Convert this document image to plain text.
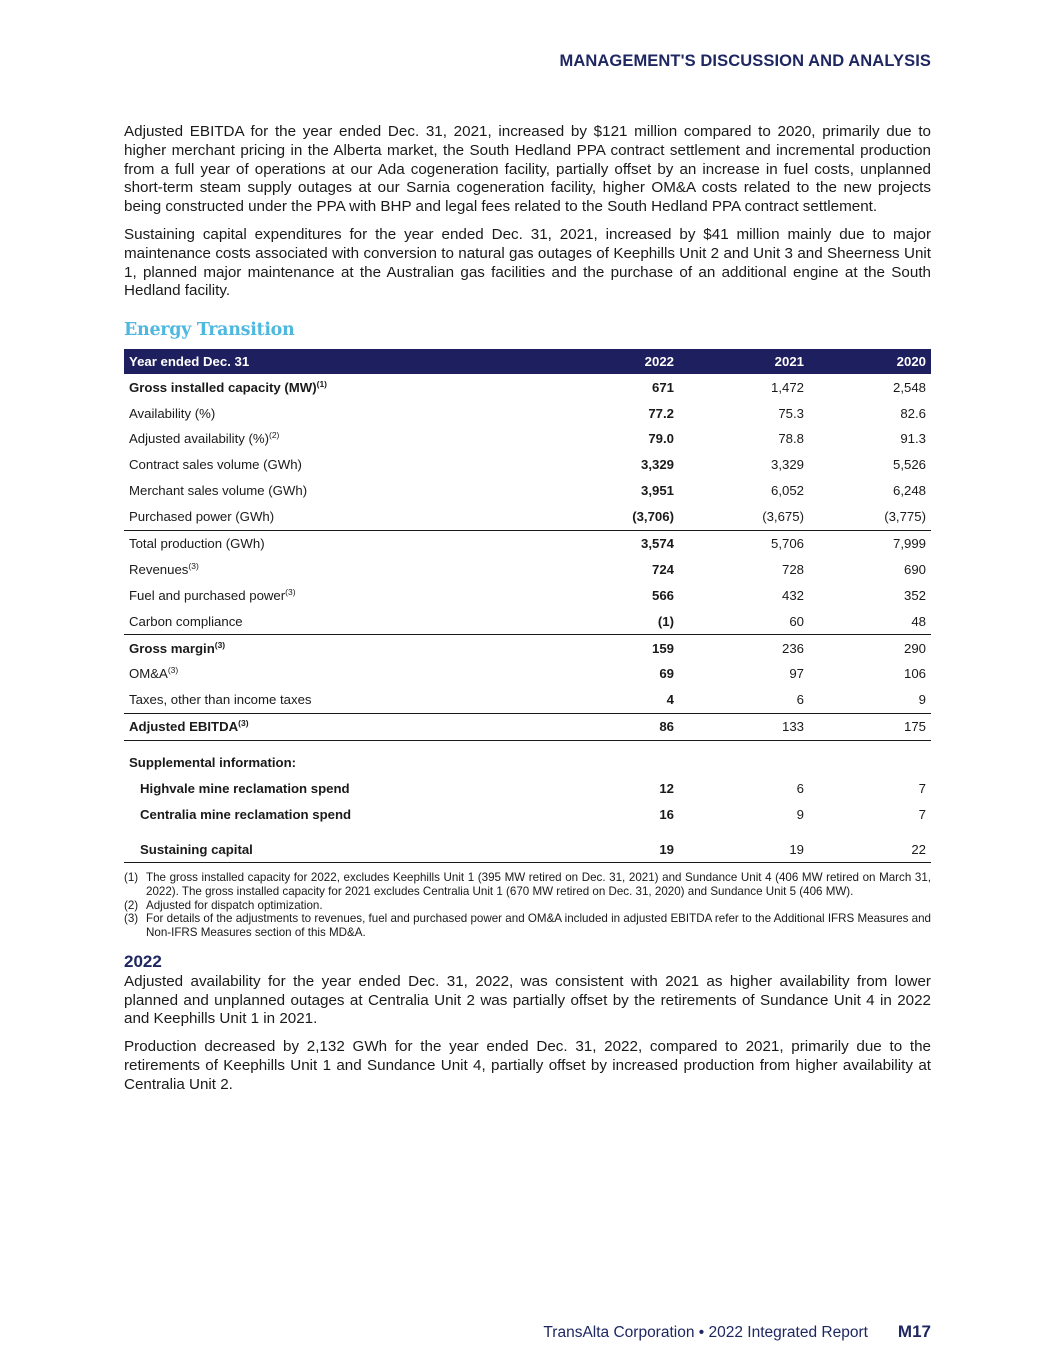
MANAGEMENT'S DISCUSSION AND ANALYSIS

Adjusted EBITDA for the year ended Dec. 31, 2021, increased by $121 million compared to 2020, primarily due to higher merchant pricing in the Alberta market, the South Hedland PPA contract settlement and incremental production from a full year of operations at our Ada cogeneration facility, partially offset by an increase in fuel costs, unplanned short-term steam supply outages at our Sarnia cogeneration facility, higher OM&A costs related to the new projects being constructed under the PPA with BHP and legal fees related to the South Hedland PPA contract settlement.

Sustaining capital expenditures for the year ended Dec. 31, 2021, increased by $41 million mainly due to major maintenance costs associated with conversion to natural gas outages of Keephills Unit 2 and Unit 3 and Sheerness Unit 1, planned major maintenance at the Australian gas facilities and the purchase of an additional engine at the South Hedland facility.

Energy Transition
Year ended Dec. 31	2022	2021	2020
Gross installed capacity (MW)$^{(1)}$	671	1,472	2,548
Availability (%)	77.2	75.3	82.6
Adjusted availability (%)$^{(2)}$	79.0	78.8	91.3
Contract sales volume (GWh)	3,329	3,329	5,526
Merchant sales volume (GWh)	3,951	6,052	6,248
Purchased power (GWh)	(3,706)	(3,675)	(3,775)
Total production (GWh)	3,574	5,706	7,999
Revenues$^{(3)}$	724	728	690
Fuel and purchased power$^{(3)}$	566	432	352
Carbon compliance	(1)	60	48
Gross margin$^{(3)}$	159	236	290
$OM\&A^{(3)}$	69	97	106
Taxes, other than income taxes	4	6	9
Adjusted EBITDA$^{(3)}$	86	133	175

Supplemental information:			
Highvale mine reclamation spend	12	6	7
Centralia mine reclamation spend	16	9	7

Sustaining capital	19	19	22
(1) The gross installed capacity for 2022, excludes Keephills Unit 1 (395 MW retired on Dec. 31, 2021) and Sundance Unit 4 (406 MW retired on March 31, 2022). The gross installed capacity for 2021 excludes Centralia Unit 1 (670 MW retired on Dec. 31, 2020) and Sundance Unit 5 (406 MW).
(2) Adjusted for dispatch optimization.
(3) For details of the adjustments to revenues, fuel and purchased power and OM&A included in adjusted EBITDA refer to the Additional IFRS Measures and Non-IFRS Measures section of this MD&A.
2022

Adjusted availability for the year ended Dec. 31, 2022, was consistent with 2021 as higher availability from lower planned and unplanned outages at Centralia Unit 2 was partially offset by the retirements of Sundance Unit 4 in 2022 and Keephills Unit 1 in 2021.

Production decreased by 2,132 GWh for the year ended Dec. 31, 2022, compared to 2021, primarily due to the retirements of Keephills Unit 1 and Sundance Unit 4, partially offset by increased production from higher availability at Centralia Unit 2.

TransAlta Corporation • 2022 Integrated Report M17
